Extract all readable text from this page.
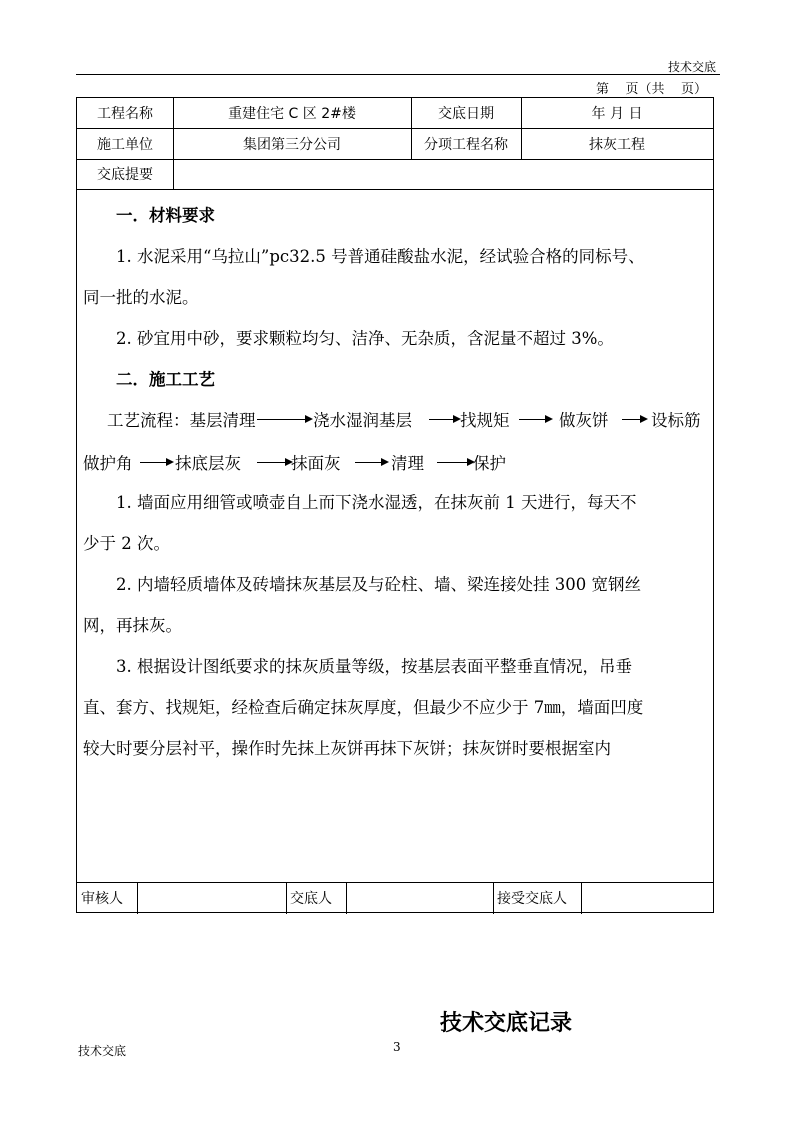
技术交底
第    页（共    页）
工程名称	重建住宅 C 区 2#楼	交底日期	年 月 日
施工单位	集团第三分公司	分项工程名称	抹灰工程
交底提要

一．材料要求

1. 水泥采用“乌拉山”pc32.5 号普通硅酸盐水泥，经试验合格的同标号、

同一批的水泥。

2. 砂宜用中砂，要求颗粒均匀、洁净、无杂质，含泥量不超过 3%。

二．施工工艺

工艺流程：基层清理	浇水湿润基层	找规矩	做灰饼	设标筋
做护角	抹底层灰	抹面灰	清理	保护

1. 墙面应用细管或喷壶自上而下浇水湿透，在抹灰前 1 天进行，每天不

少于 2 次。

2. 内墙轻质墙体及砖墙抹灰基层及与砼柱、墙、梁连接处挂 300 宽钢丝

网，再抹灰。

3. 根据设计图纸要求的抹灰质量等级，按基层表面平整垂直情况，吊垂

直、套方、找规矩，经检查后确定抹灰厚度，但最少不应少于 7㎜，墙面凹度

较大时要分层衬平，操作时先抹上灰饼再抹下灰饼；抹灰饼时要根据室内

审核人	交底人	接受交底人
技术交底记录
技术交底	3
